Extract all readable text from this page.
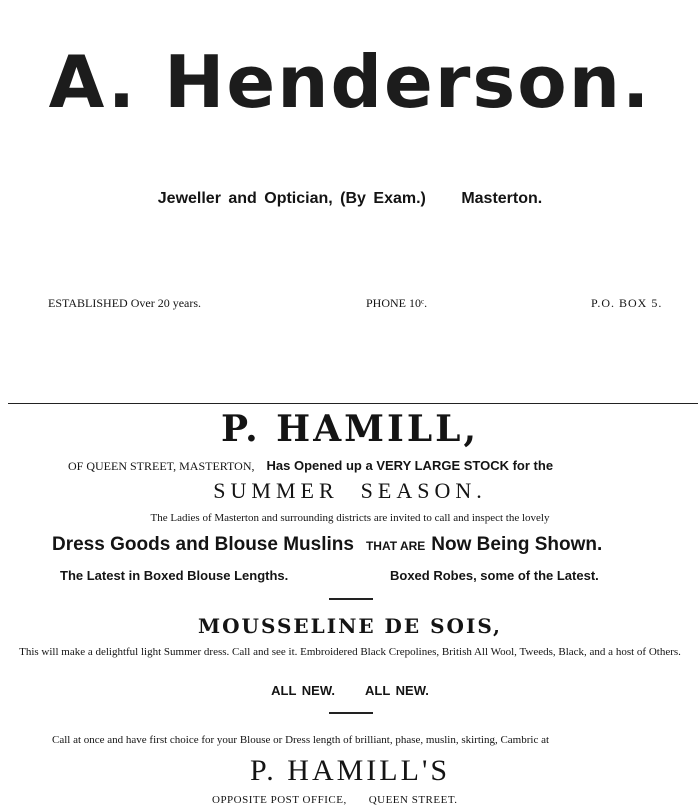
A. Henderson.
Jeweller and Optician, (By Exam.) Masterton.
ESTABLISHED Over 20 years.	PHONE 10ᶜ.	P.O. BOX 5.
P. HAMILL,
OF QUEEN STREET, MASTERTON, Has Opened up a VERY LARGE STOCK for the
SUMMER SEASON.
The Ladies of Masterton and surrounding districts are invited to call and inspect the lovely
Dress Goods and Blouse Muslins THAT ARE Now Being Shown.
The Latest in Boxed Blouse Lengths.	Boxed Robes, some of the Latest.
MOUSSELINE DE SOIS,
This will make a delightful light Summer dress. Call and see it. Embroidered Black Crepolines, British All Wool, Tweeds, Black, and a host of Others.
ALL NEW. ALL NEW.
Call at once and have first choice for your Blouse or Dress length of brilliant, phase, muslin, skirting, Cambric at
P. HAMILL'S
OPPOSITE POST OFFICE, QUEEN STREET.
